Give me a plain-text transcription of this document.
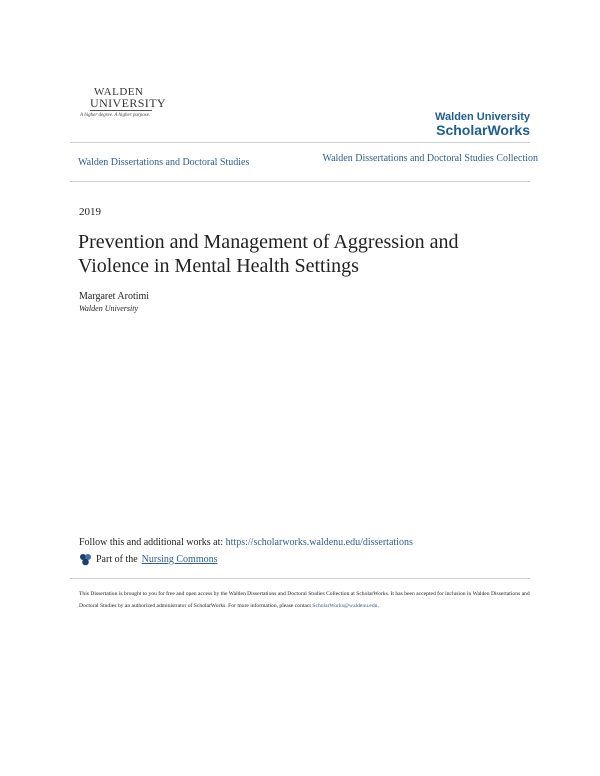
WALDEN
UNIVERSITY
A higher degree. A higher purpose.	Walden University
ScholarWorks
Walden Dissertations and Doctoral Studies	Walden Dissertations and Doctoral Studies Collection
2019
Prevention and Management of Aggression and Violence in Mental Health Settings
Margaret Arotimi
Walden University
Follow this and additional works at: https://scholarworks.waldenu.edu/dissertations
Part of the Nursing Commons
This Dissertation is brought to you for free and open access by the Walden Dissertations and Doctoral Studies Collection at ScholarWorks. It has been accepted for inclusion in Walden Dissertations and Doctoral Studies by an authorized administrator of ScholarWorks. For more information, please contact ScholarWorks@waldenu.edu.
